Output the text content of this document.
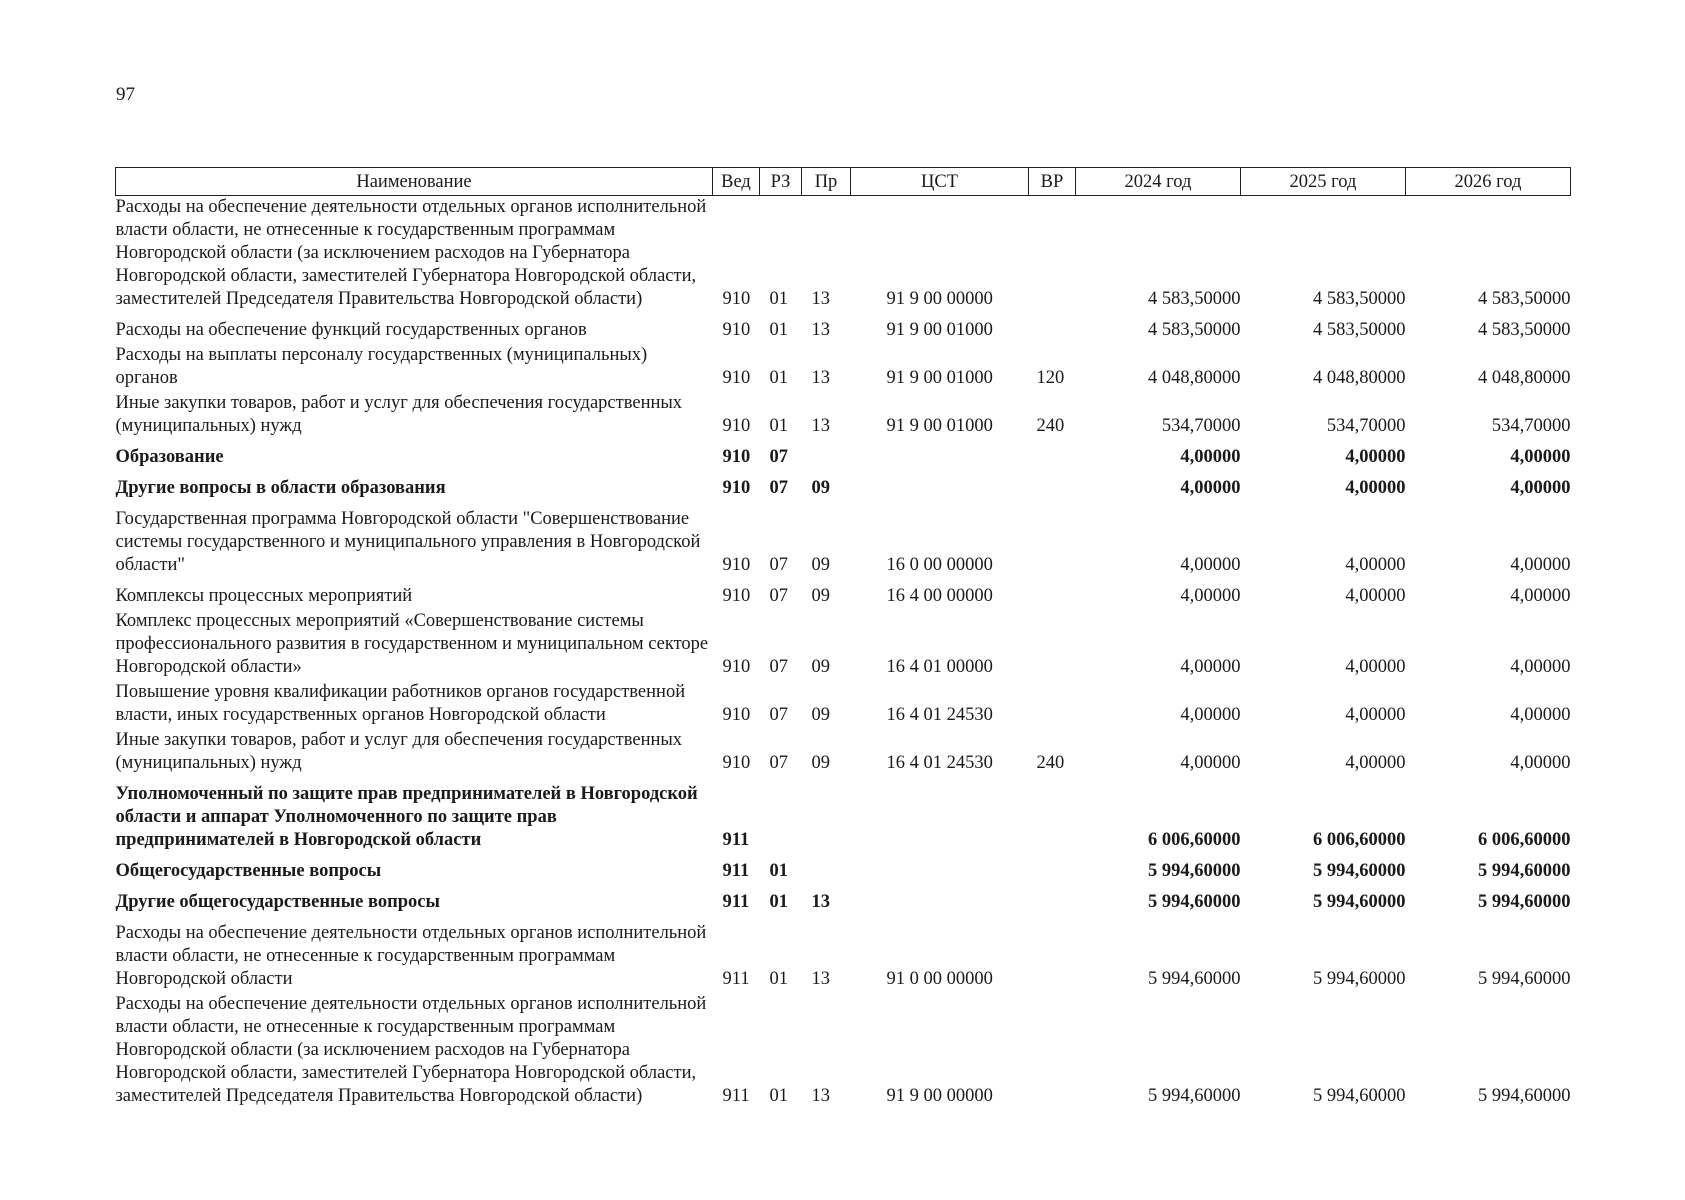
97
Наименование	Вед	РЗ	Пр	ЦСТ	ВР	2024 год	2025 год	2026 год
Расходы на обеспечение деятельности отдельных органов исполнительной власти области, не отнесенные к государственным программам Новгородской области (за исключением расходов на Губернатора Новгородской области, заместителей Губернатора Новгородской области, заместителей Председателя Правительства Новгородской области)	910	01	13	91 9 00 00000		4 583,50000	4 583,50000	4 583,50000
Расходы на обеспечение функций государственных органов	910	01	13	91 9 00 01000		4 583,50000	4 583,50000	4 583,50000
Расходы на выплаты персоналу государственных (муниципальных) органов	910	01	13	91 9 00 01000	120	4 048,80000	4 048,80000	4 048,80000
Иные закупки товаров, работ и услуг для обеспечения государственных (муниципальных) нужд	910	01	13	91 9 00 01000	240	534,70000	534,70000	534,70000
Образование	910	07				4,00000	4,00000	4,00000
Другие вопросы в области образования	910	07	09			4,00000	4,00000	4,00000
Государственная программа Новгородской области "Совершенствование системы государственного и муниципального управления в Новгородской области"	910	07	09	16 0 00 00000		4,00000	4,00000	4,00000
Комплексы процессных мероприятий	910	07	09	16 4 00 00000		4,00000	4,00000	4,00000
Комплекс процессных мероприятий «Совершенствование системы профессионального развития в государственном и муниципальном секторе Новгородской области»	910	07	09	16 4 01 00000		4,00000	4,00000	4,00000
Повышение уровня квалификации работников органов государственной власти, иных государственных органов Новгородской области	910	07	09	16 4 01 24530		4,00000	4,00000	4,00000
Иные закупки товаров, работ и услуг для обеспечения государственных (муниципальных) нужд	910	07	09	16 4 01 24530	240	4,00000	4,00000	4,00000
Уполномоченный по защите прав предпринимателей в Новгородской области и аппарат Уполномоченного по защите прав предпринимателей в Новгородской области	911					6 006,60000	6 006,60000	6 006,60000
Общегосударственные вопросы	911	01				5 994,60000	5 994,60000	5 994,60000
Другие общегосударственные вопросы	911	01	13			5 994,60000	5 994,60000	5 994,60000
Расходы на обеспечение деятельности отдельных органов исполнительной власти области, не отнесенные к государственным программам Новгородской области	911	01	13	91 0 00 00000		5 994,60000	5 994,60000	5 994,60000
Расходы на обеспечение деятельности отдельных органов исполнительной власти области, не отнесенные к государственным программам Новгородской области (за исключением расходов на Губернатора Новгородской области, заместителей Губернатора Новгородской области, заместителей Председателя Правительства Новгородской области)	911	01	13	91 9 00 00000		5 994,60000	5 994,60000	5 994,60000
